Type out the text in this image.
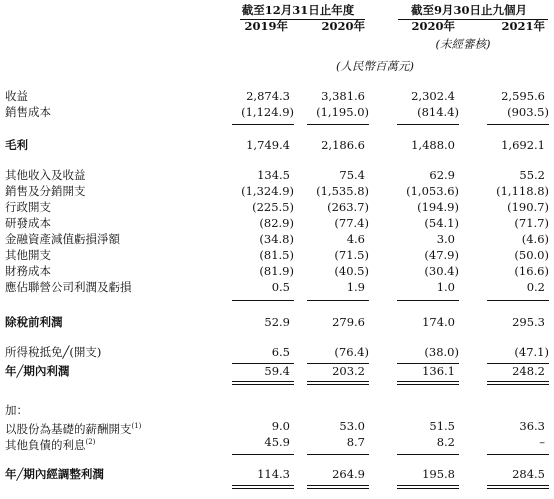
截至12月31日止年度	截至9月30日止九個月
2019年	2020年	2020年	2021年
(未經審核)
(人民幣百萬元)
收益	2,874.3	3,381.6	2,302.4	2,595.6
銷售成本	(1,124.9)	(1,195.0)	(814.4)	(903.5)
毛利	1,749.4	2,186.6	1,488.0	1,692.1
其他收入及收益	134.5	75.4	62.9	55.2
銷售及分銷開支	(1,324.9)	(1,535.8)	(1,053.6)	(1,118.8)
行政開支	(225.5)	(263.7)	(194.9)	(190.7)
研發成本	(82.9)	(77.4)	(54.1)	(71.7)
金融資產減值虧損淨額	(34.8)	4.6	3.0	(4.6)
其他開支	(81.5)	(71.5)	(47.9)	(50.0)
財務成本	(81.9)	(40.5)	(30.4)	(16.6)
應佔聯營公司利潤及虧損	0.5	1.9	1.0	0.2
除稅前利潤	52.9	279.6	174.0	295.3
所得稅抵免╱(開支)	6.5	(76.4)	(38.0)	(47.1)
年╱期內利潤	59.4	203.2	136.1	248.2
加：
以股份為基礎的薪酬開支$^{(1)}$	9.0	53.0	51.5	36.3
其他負債的利息$^{(2)}$	45.9	8.7	8.2	–
年╱期內經調整利潤	114.3	264.9	195.8	284.5
